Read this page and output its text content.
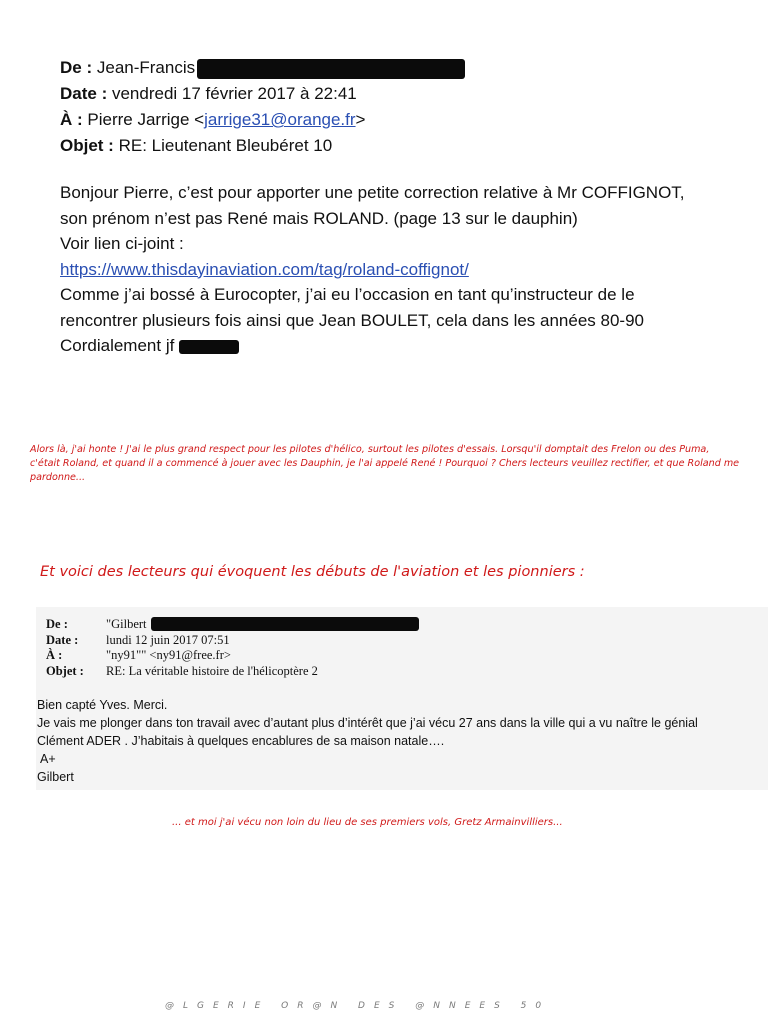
De : Jean-Francis
Date : vendredi 17 février 2017 à 22:41
À : Pierre Jarrige <jarrige31@orange.fr>
Objet : RE: Lieutenant Bleubéret 10

Bonjour Pierre, c’est pour apporter une petite correction relative à Mr COFFIGNOT, son prénom n’est pas René mais ROLAND. (page 13 sur le dauphin)

Voir lien ci-joint :

https://www.thisdayinaviation.com/tag/roland-coffignot/

Comme j’ai bossé à Eurocopter, j’ai eu l’occasion en tant qu’instructeur de le rencontrer plusieurs fois ainsi que Jean BOULET, cela dans les années 80-90

Cordialement jf

Alors là, j'ai honte ! J'ai le plus grand respect pour les pilotes d'hélico, surtout les pilotes d'essais. Lorsqu'il domptait des Frelon ou des Puma, c'était Roland, et quand il a commencé à jouer avec les Dauphin, je l'ai appelé René ! Pourquoi ? Chers lecteurs veuillez rectifier, et que Roland me pardonne...
Et voici des lecteurs qui évoquent les débuts de l'aviation et les pionniers :
De :	"Gilbert
Date :	lundi 12 juin 2017 07:51
À :	"ny91"" <ny91@free.fr>
Objet :	RE: La véritable histoire de l'hélicoptère 2

Bien capté Yves. Merci.

Je vais me plonger dans ton travail avec d’autant plus d’intérêt que j’ai vécu 27 ans dans la ville qui a vu naître le génial Clément ADER . J’habitais à quelques encablures de sa maison natale….

A+

Gilbert

... et moi j'ai vécu non loin du lieu de ses premiers vols, Gretz Armainvilliers...
@LGERIE OR@N DES @NNEES 50
